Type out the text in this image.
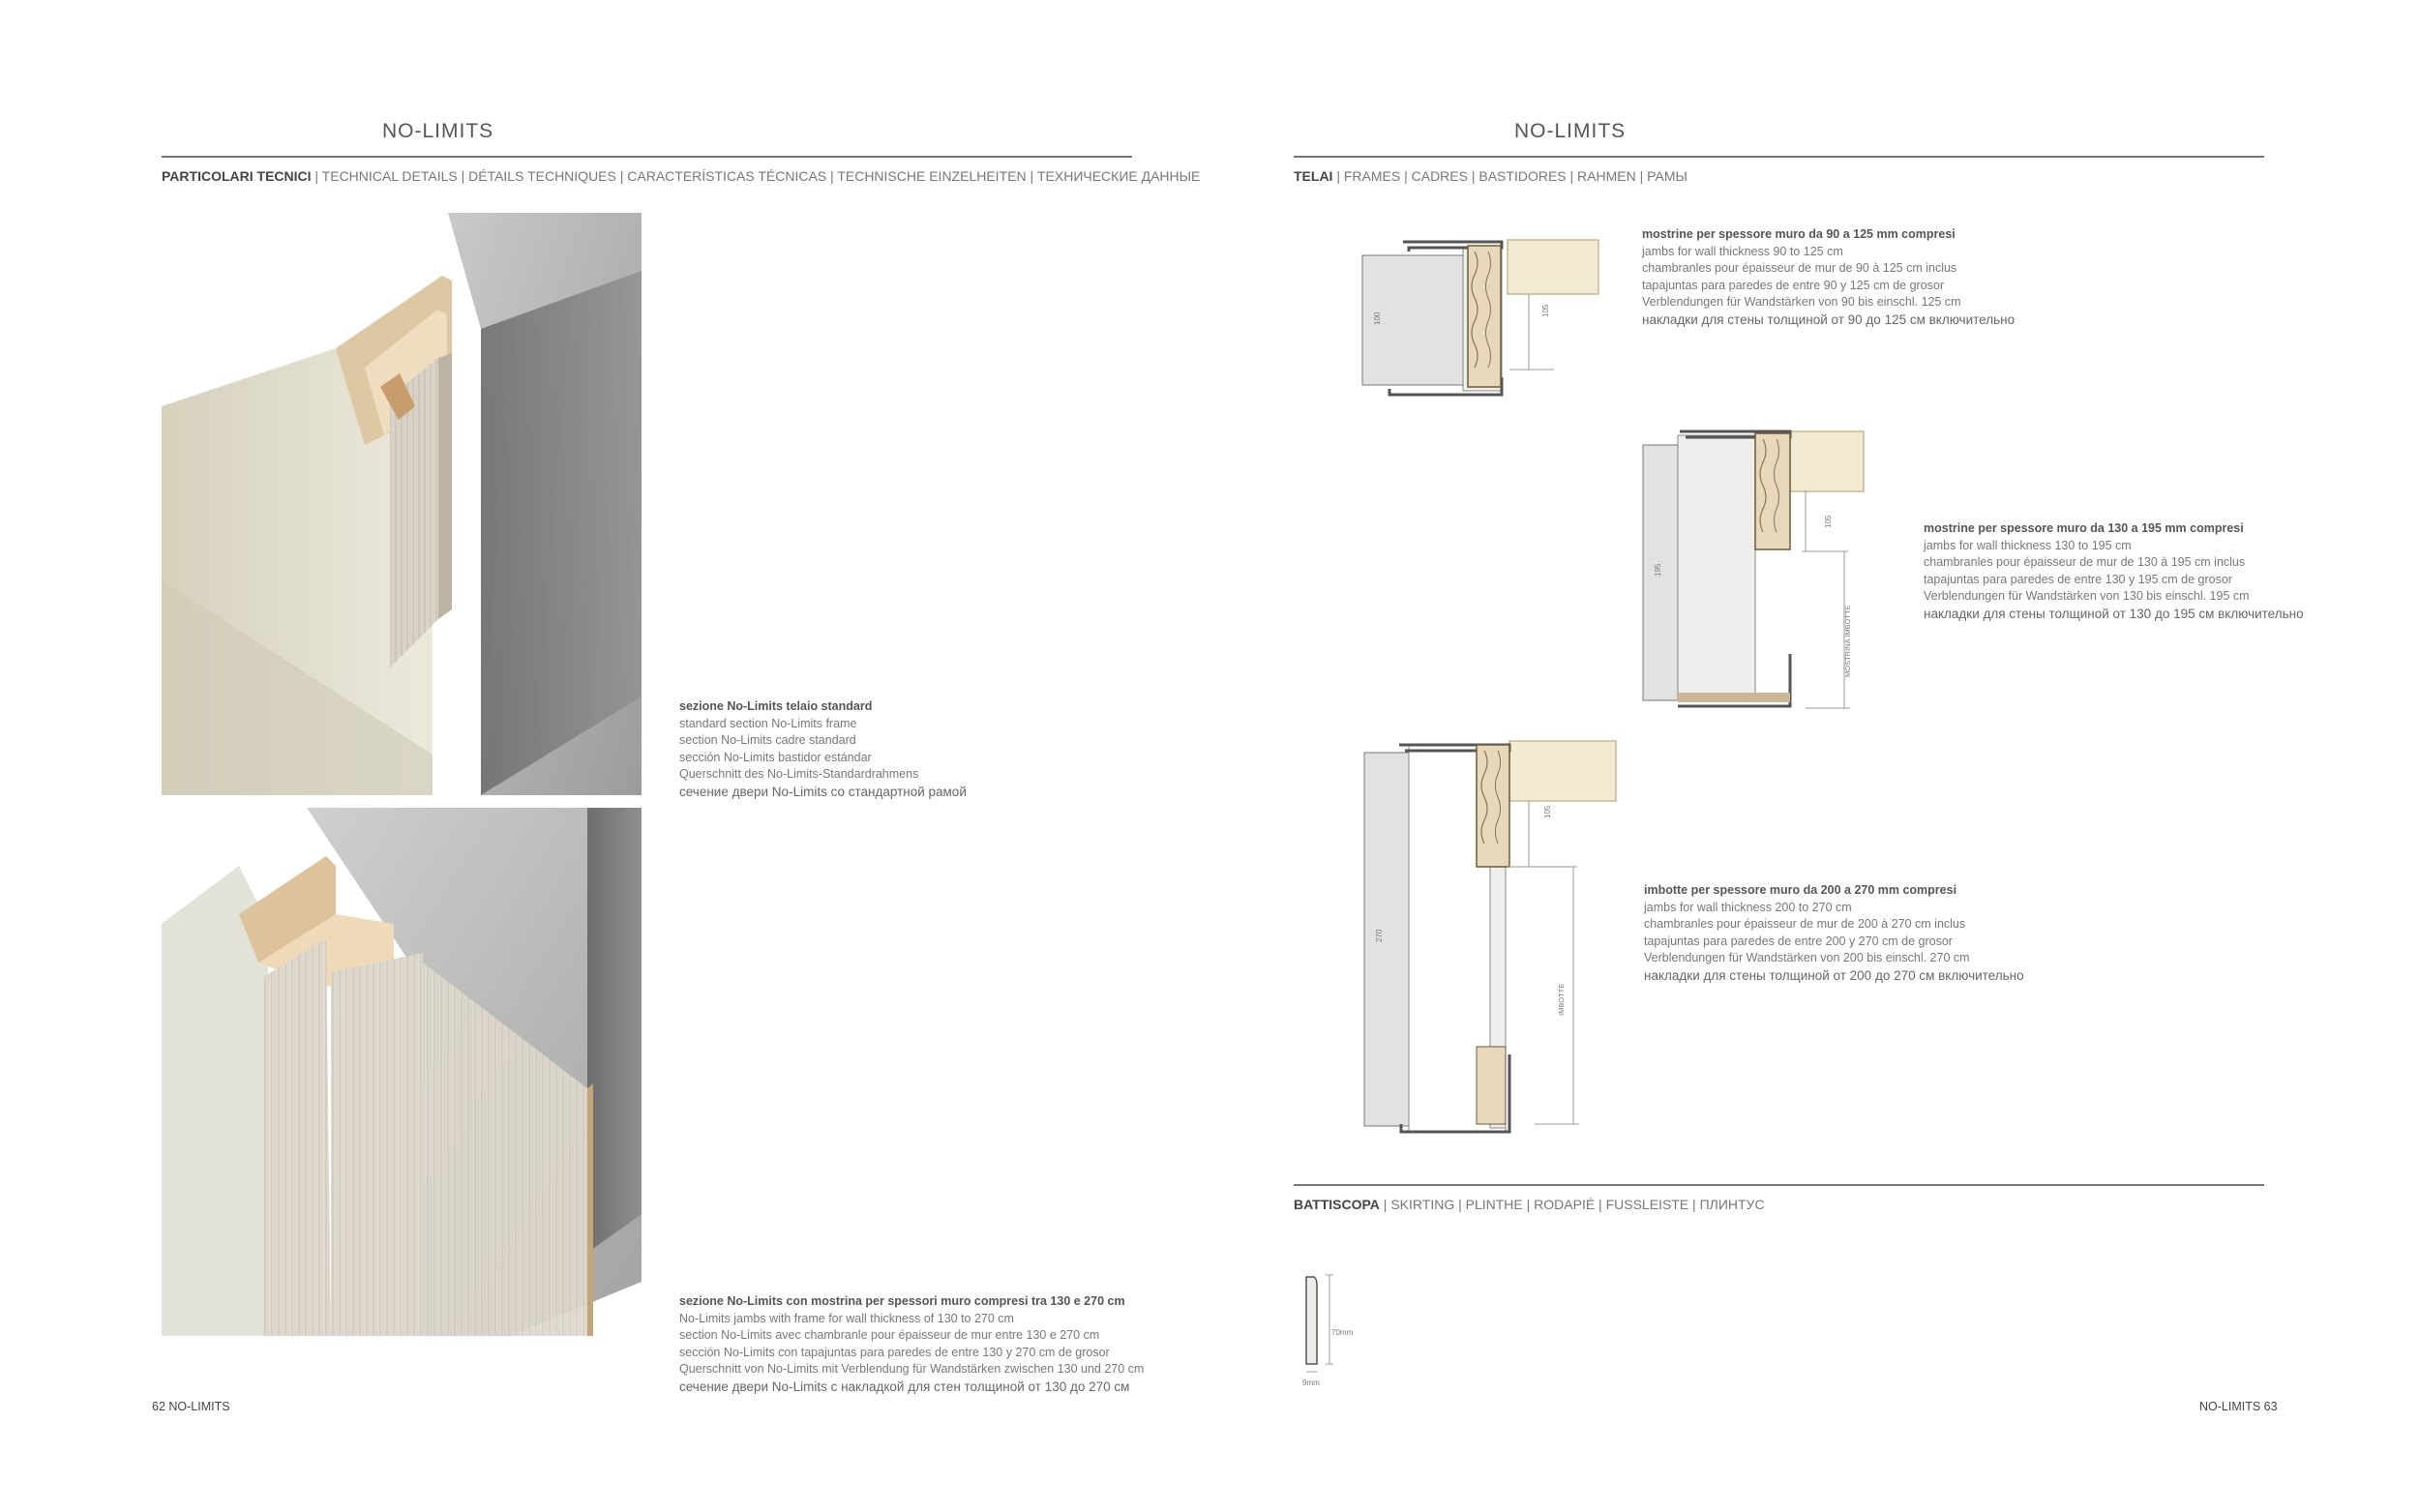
NO-LIMITS
PARTICOLARI TECNICI | TECHNICAL DETAILS | DÉTAILS TECHNIQUES | CARACTERÍSTICAS TÉCNICAS | TECHNISCHE EINZELHEITEN | ТЕХНИЧЕСКИЕ ДАННЫЕ
sezione No-Limits telaio standard
standard section No-Limits frame
section No-Limits cadre standard
sección No-Limits bastidor estándar
Querschnitt des No-Limits-Standardrahmens
сечение двери No-Limits со стандартной рамой
sezione No-Limits con mostrina per spessori muro compresi tra 130 e 270 cm
No-Limits jambs with frame for wall thickness of 130 to 270 cm
section No-Limits avec chambranle pour épaisseur de mur entre 130 e 270 cm
sección No-Limits con tapajuntas para paredes de entre 130 y 270 cm de grosor
Querschnitt von No-Limits mit Verblendung für Wandstärken zwischen 130 und 270 cm
сечение двери No-Limits с накладкой для стен толщиной от 130 до 270 см
62 NO-LIMITS
NO-LIMITS
TELAI | FRAMES | CADRES | BASTIDORES | RAHMEN | РАМЫ
100
105
mostrine per spessore muro da 90 a 125 mm compresi
jambs for wall thickness 90 to 125 cm
chambranles pour épaisseur de mur de 90 à 125 cm inclus
tapajuntas para paredes de entre 90 y 125 cm de grosor
Verblendungen für Wandstärken von 90 bis einschl. 125 cm
накладки для стены толщиной от 90 до 125 см включительно
195
105
MOSTRINA IMBOTTE
mostrine per spessore muro da 130 a 195 mm compresi
jambs for wall thickness 130 to 195 cm
chambranles pour épaisseur de mur de 130 à 195 cm inclus
tapajuntas para paredes de entre 130 y 195 cm de grosor
Verblendungen für Wandstärken von 130 bis einschl. 195 cm
накладки для стены толщиной от 130 до 195 см включительно
270
105
IMBOTTE
imbotte per spessore muro da 200 a 270 mm compresi
jambs for wall thickness 200 to 270 cm
chambranles pour épaisseur de mur de 200 à 270 cm inclus
tapajuntas para paredes de entre 200 y 270 cm de grosor
Verblendungen für Wandstärken von 200 bis einschl. 270 cm
накладки для стены толщиной от 200 до 270 см включительно
BATTISCOPA | SKIRTING | PLINTHE | RODAPIÉ | FUSSLEISTE | ПЛИНТУС
70mm
9mm
NO-LIMITS 63
